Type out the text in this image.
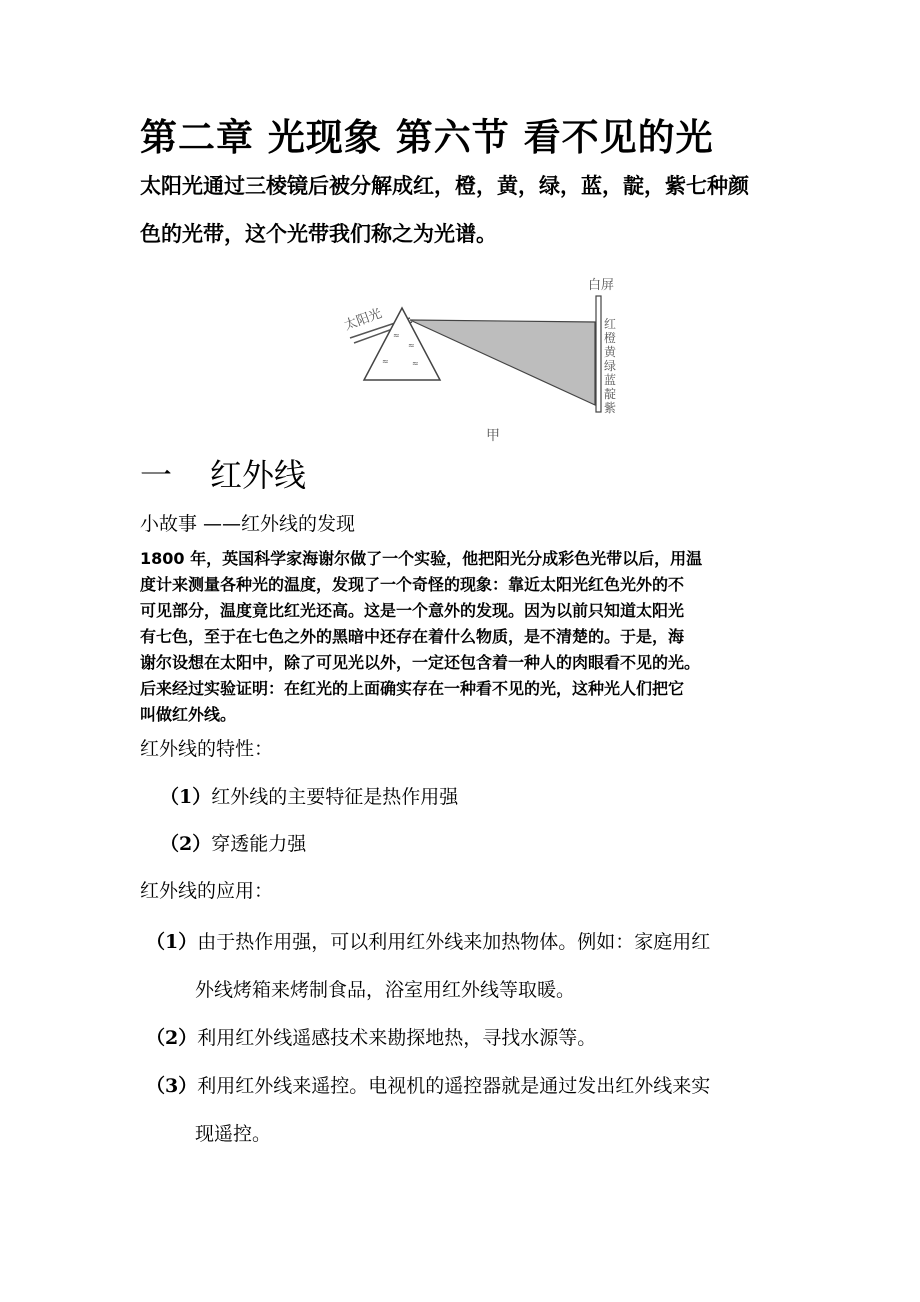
第二章 光现象 第六节 看不见的光
太阳光通过三棱镜后被分解成红，橙，黄，绿，蓝，靛，紫七种颜
色的光带，这个光带我们称之为光谱。
太阳光
≈
≈
≈	≈
白屏
红
橙
黄
绿
蓝
靛
紫
甲
一 红外线
小故事 ——红外线的发现
1800 年，英国科学家海谢尔做了一个实验，他把阳光分成彩色光带以后，用温
度计来测量各种光的温度，发现了一个奇怪的现象：靠近太阳光红色光外的不
可见部分，温度竟比红光还高。这是一个意外的发现。因为以前只知道太阳光
有七色，至于在七色之外的黑暗中还存在着什么物质，是不清楚的。于是，海
谢尔设想在太阳中，除了可见光以外，一定还包含着一种人的肉眼看不见的光。
后来经过实验证明：在红光的上面确实存在一种看不见的光，这种光人们把它
叫做红外线。
红外线的特性：
（1）红外线的主要特征是热作用强
（2）穿透能力强
红外线的应用：
（1）由于热作用强，可以利用红外线来加热物体。例如：家庭用红
外线烤箱来烤制食品，浴室用红外线等取暖。
（2）利用红外线遥感技术来勘探地热，寻找水源等。
（3）利用红外线来遥控。电视机的遥控器就是通过发出红外线来实
现遥控。
